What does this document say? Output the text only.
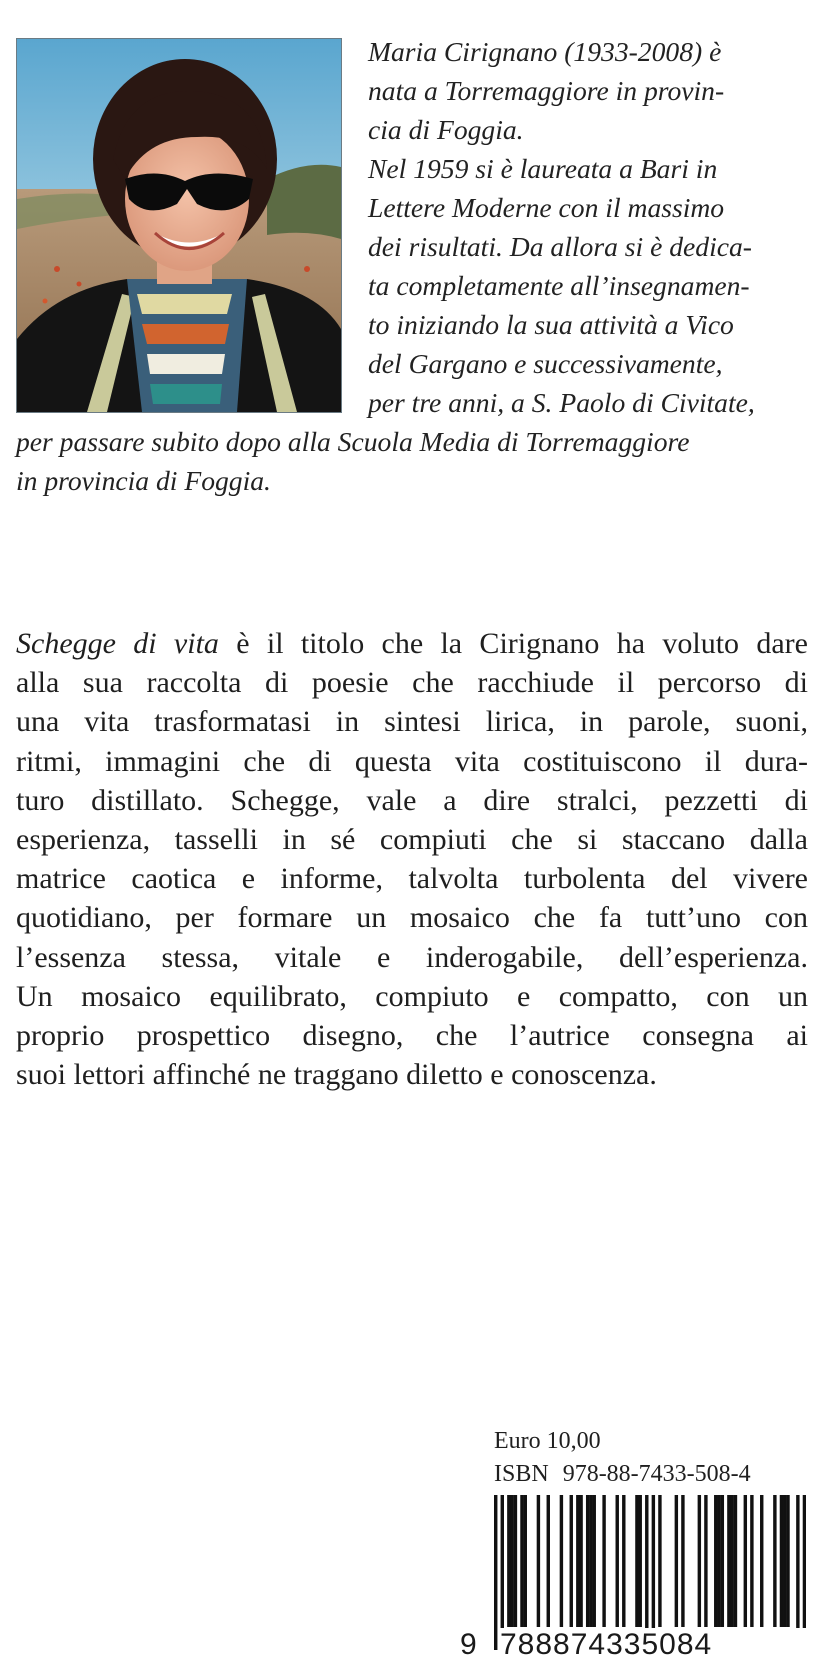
Maria Cirignano (1933-2008) è
nata a Torremaggiore in provin-
cia di Foggia.
Nel 1959 si è laureata a Bari in
Lettere Moderne con il massimo
dei risultati. Da allora si è dedica-
ta completamente all’insegnamen-
to iniziando la sua attività a Vico
del Gargano e successivamente,
per tre anni, a S. Paolo di Civitate,
per passare subito dopo alla Scuola Media di Torremaggiore
in provincia di Foggia.
Schegge di vita è il titolo che la Cirignano ha voluto dare
alla sua raccolta di poesie che racchiude il percorso di
una vita trasformatasi in sintesi lirica, in parole, suoni,
ritmi, immagini che di questa vita costituiscono il dura-
turo distillato. Schegge, vale a dire stralci, pezzetti di
esperienza, tasselli in sé compiuti che si staccano dalla
matrice caotica e informe, talvolta turbolenta del vivere
quotidiano, per formare un mosaico che fa tutt’uno con
l’essenza stessa, vitale e inderogabile, dell’esperienza.
Un mosaico equilibrato, compiuto e compatto, con un
proprio prospettico disegno, che l’autrice consegna ai
suoi lettori affinché ne traggano diletto e conoscenza.
Euro 10,00
ISBN 978-88-7433-508-4
9 788874335084
